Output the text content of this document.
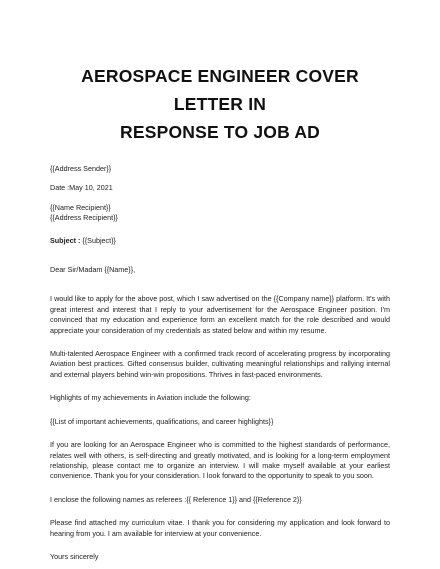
AEROSPACE ENGINEER COVER LETTER IN
RESPONSE TO JOB AD

{{Address Sender}}

Date :May 10, 2021

{{Name Recipient}}
{{Address Recipient}}

Subject : {{Subject}}

Dear Sir/Madam {{Name}},

I would like to apply for the above post, which I saw advertised on the {{Company name}} platform. It's with great interest and interest that I reply to your advertisement for the Aerospace Engineer position. I'm convinced that my education and experience form an excellent match for the role described and would appreciate your consideration of my credentials as stated below and within my resume.

Multi-talented Aerospace Engineer with a confirmed track record of accelerating progress by incorporating Aviation best practices. Gifted consensus builder, cultivating meaningful relationships and rallying internal and external players behind win-win propositions. Thrives in fast-paced environments.

Highlights of my achievements in Aviation include the following:

{{List of important achievements, qualifications, and career highlights}}

If you are looking for an Aerospace Engineer who is committed to the highest standards of performance, relates well with others, is self-directing and greatly motivated, and is looking for a long-term employment relationship, please contact me to organize an interview. I will make myself available at your earliest convenience. Thank you for your consideration. I look forward to the opportunity to speak to you soon.

I enclose the following names as referees :{{ Reference 1}} and {{Reference 2}}

Please find attached my curriculum vitae. I thank you for considering my application and look forward to hearing from you. I am available for interview at your convenience.

Yours sincerely
